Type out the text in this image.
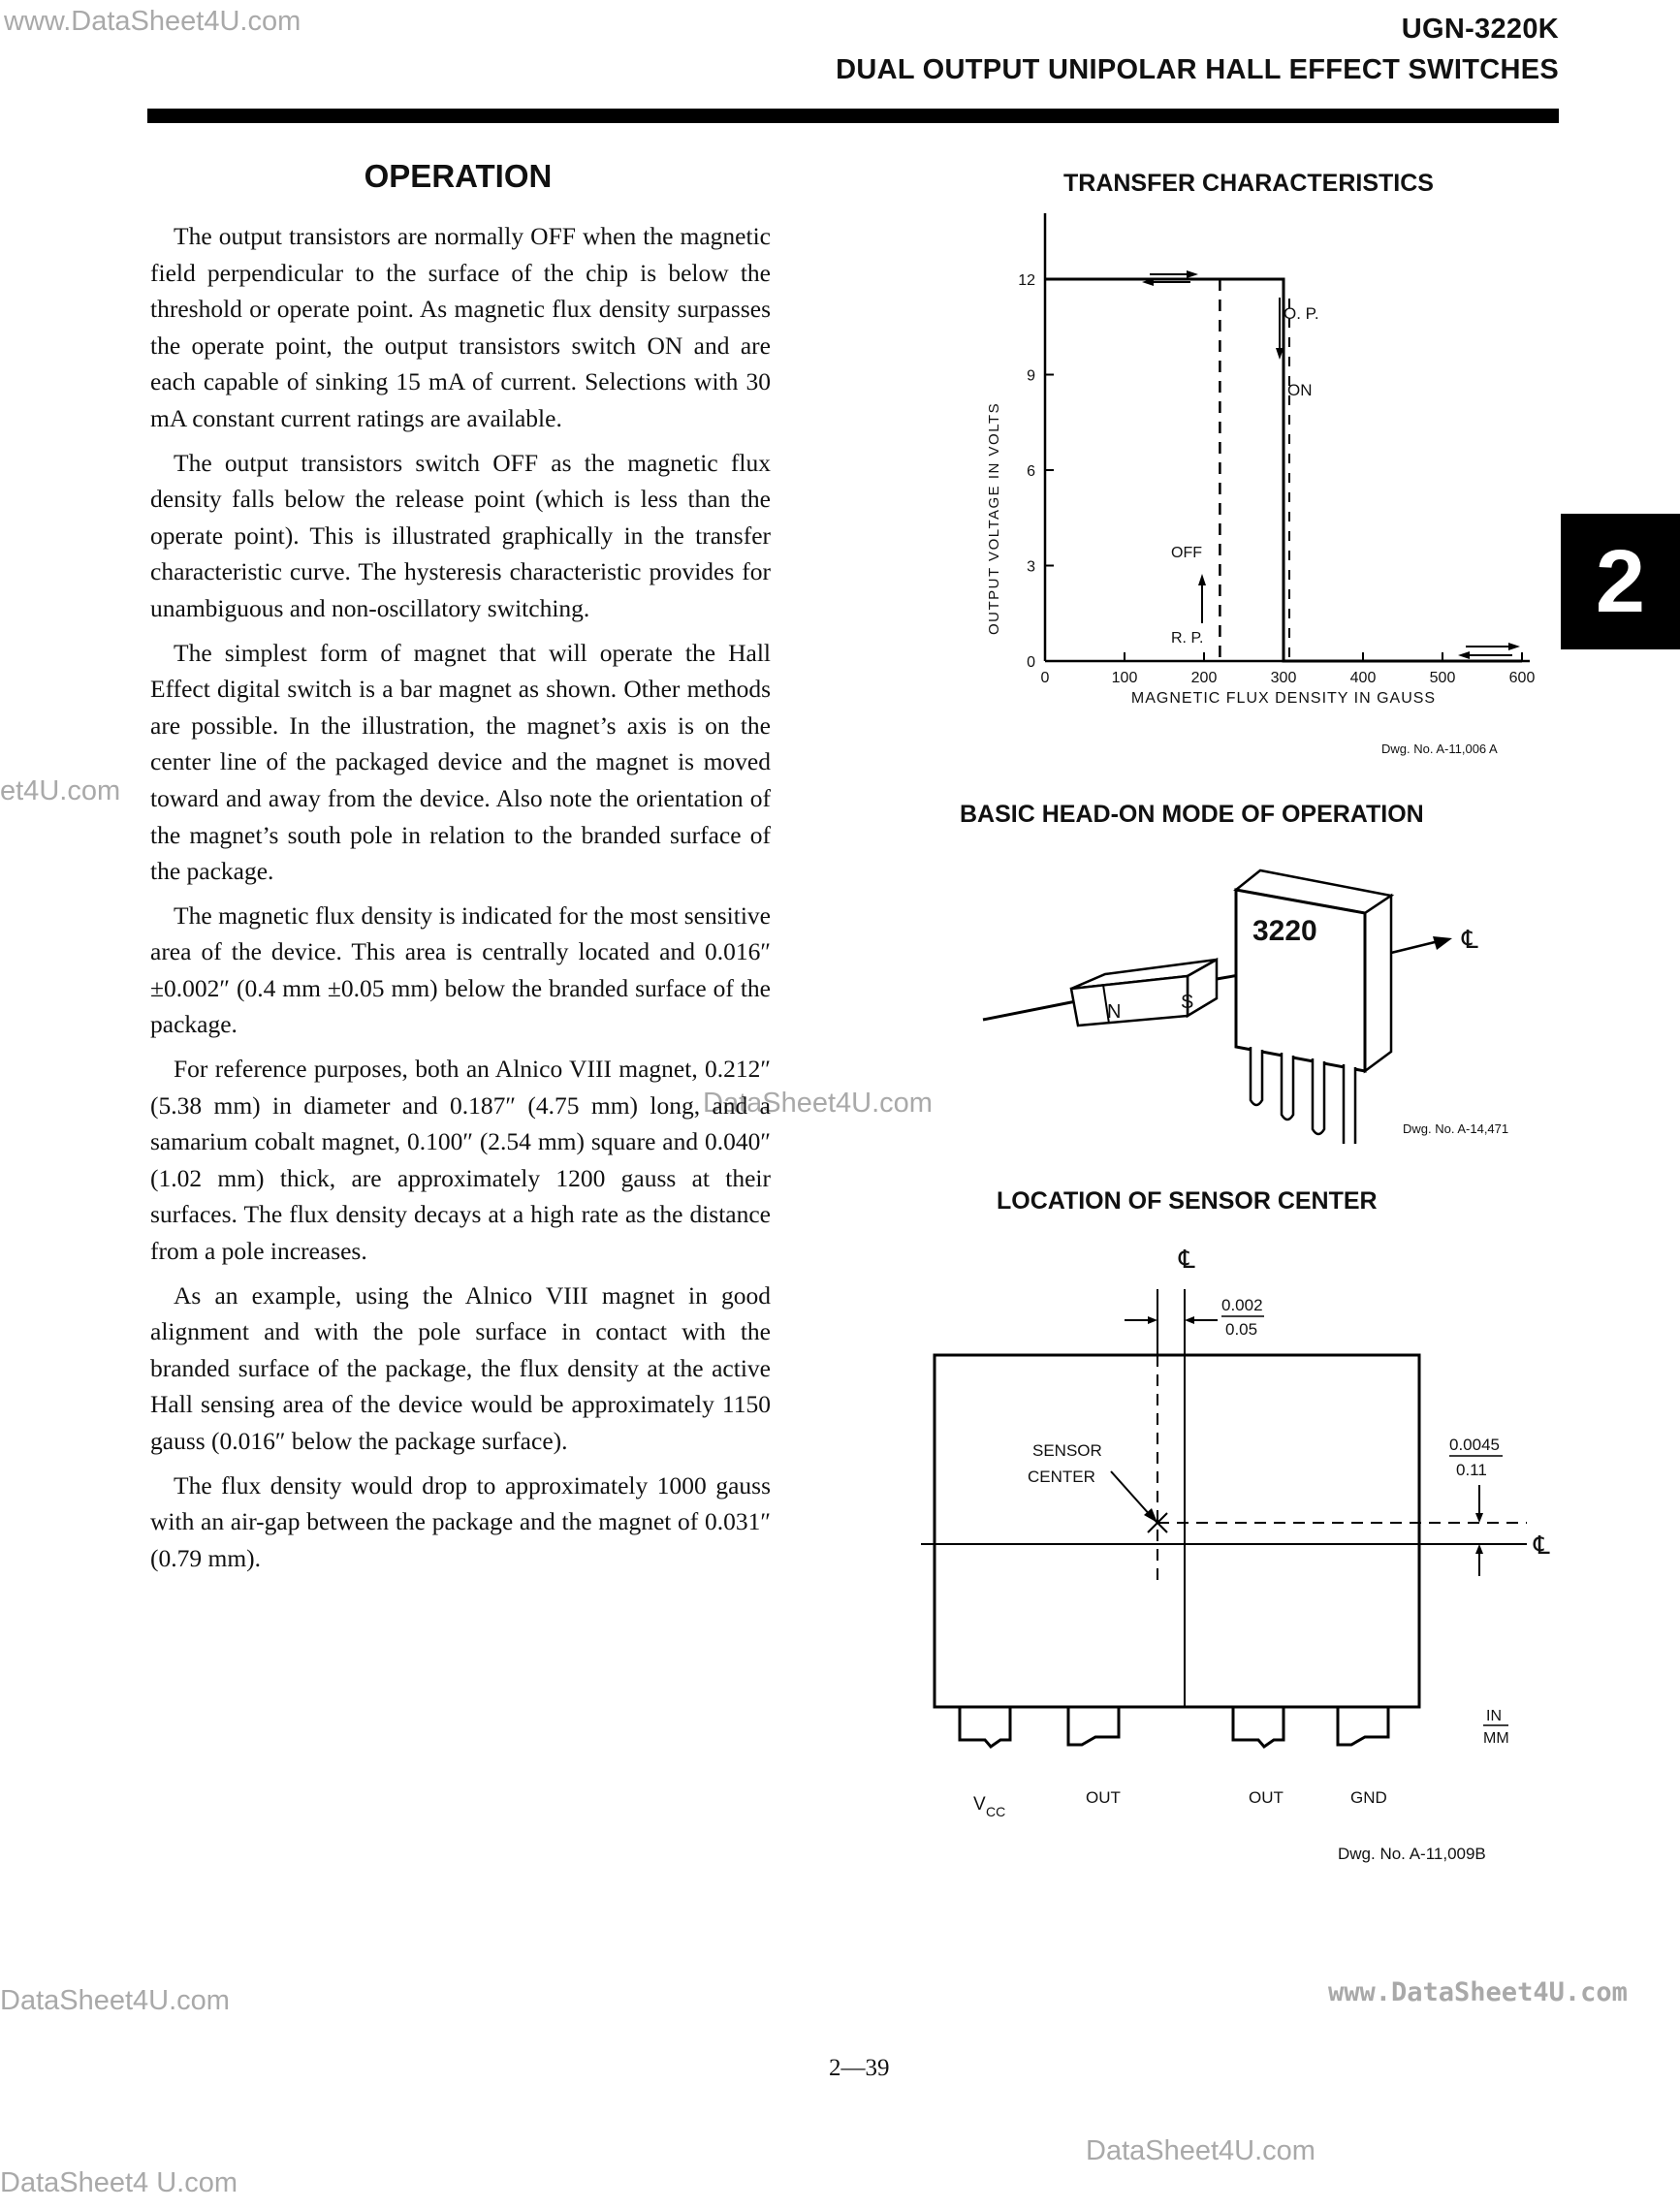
www.DataSheet4U.com
et4U.com
DataSheet4U.com
DataSheet4U.com	www.DataSheet4U.com
DataSheet4U.com
DataSheet4 U.com
UGN-3220K
DUAL OUTPUT UNIPOLAR HALL EFFECT SWITCHES
2
OPERATION

The output transistors are normally OFF when the magnetic field perpendicular to the surface of the chip is below the threshold or operate point. As magnetic flux density surpasses the operate point, the output transistors switch ON and are each capable of sinking 15 mA of current. Selections with 30 mA constant current ratings are available.

The output transistors switch OFF as the magnetic flux density falls below the release point (which is less than the operate point). This is illustrated graphically in the transfer characteristic curve. The hysteresis characteristic provides for unambiguous and non-oscillatory switching.

The simplest form of magnet that will operate the Hall Effect digital switch is a bar magnet as shown. Other methods are possible. In the illustration, the magnet’s axis is on the center line of the packaged device and the magnet is moved toward and away from the device. Also note the orientation of the magnet’s south pole in relation to the branded surface of the package.

The magnetic flux density is indicated for the most sensitive area of the device. This area is centrally located and 0.016″ ±0.002″ (0.4 mm ±0.05 mm) below the branded surface of the package.

For reference purposes, both an Alnico VIII magnet, 0.212″ (5.38 mm) in diameter and 0.187″ (4.75 mm) long, and a samarium cobalt magnet, 0.100″ (2.54 mm) square and 0.040″ (1.02 mm) thick, are approximately 1200 gauss at their surfaces. The flux density decays at a high rate as the distance from a pole increases.

As an example, using the Alnico VIII magnet in good alignment and with the pole surface in contact with the branded surface of the package, the flux density at the active Hall sensing area of the device would be approximately 1150 gauss (0.016″ below the package surface).

The flux density would drop to approximately 1000 gauss with an air-gap between the package and the magnet of 0.031″ (0.79 mm).

TRANSFER CHARACTERISTICS
0
3
6
9
12
0	100	200	300	400	500	600
O. P.
ON
OFF
R. P.
OUTPUT VOLTAGE IN VOLTS
MAGNETIC FLUX DENSITY IN GAUSS
Dwg. No. A-11,006 A
BASIC HEAD-ON MODE OF OPERATION
N	S
3220	℄
Dwg. No. A-14,471
LOCATION OF SENSOR CENTER
℄
0.002
0.05
SENSOR
CENTER
0.0045
0.11
℄
IN
MM
V CC
OUT	OUT	GND
Dwg. No. A-11,009B
2—39
